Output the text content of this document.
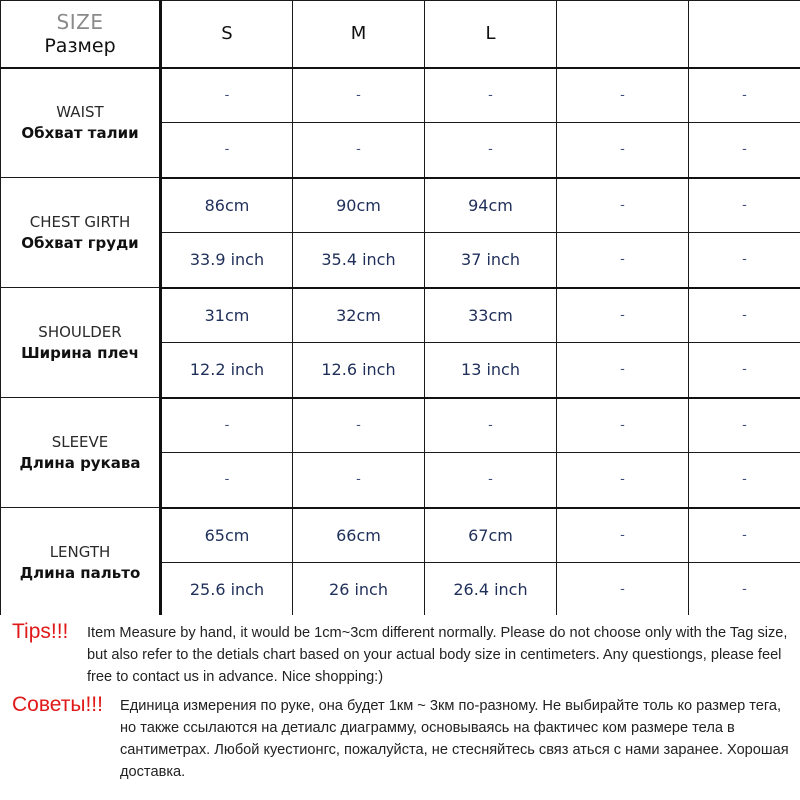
SIZE
Размер	S	M	L		

WAIST
Обхват талии	-	-	-	-	-
	-	-	-	-	-

CHEST GIRTH
Обхват груди	86cm	90cm	94cm	-	-
	33.9 inch	35.4 inch	37 inch	-	-

SHOULDER
Ширина плеч	31cm	32cm	33cm	-	-
	12.2 inch	12.6 inch	13 inch	-	-

SLEEVE
Длина рукава	-	-	-	-	-
	-	-	-	-	-

LENGTH
Длина пальто	65cm	66cm	67cm	-	-
	25.6 inch	26 inch	26.4 inch	-	-
Tips!!! Item Measure by hand, it would be 1cm~3cm different normally. Please do not choose only with the Tag size, but also refer to the detials chart based on your actual body size in centimeters. Any questiongs, please feel free to contact us in advance. Nice shopping:)
Советы!!! Единица измерения по руке, она будет 1км ~ 3км по-разному. Не выбирайте толь ко размер тега, но также ссылаются на детиалс диаграмму, основываясь на фактичес ком размере тела в сантиметрах. Любой куестионгс, пожалуйста, не стесняйтесь связ аться с нами заранее. Хорошая доставка.
